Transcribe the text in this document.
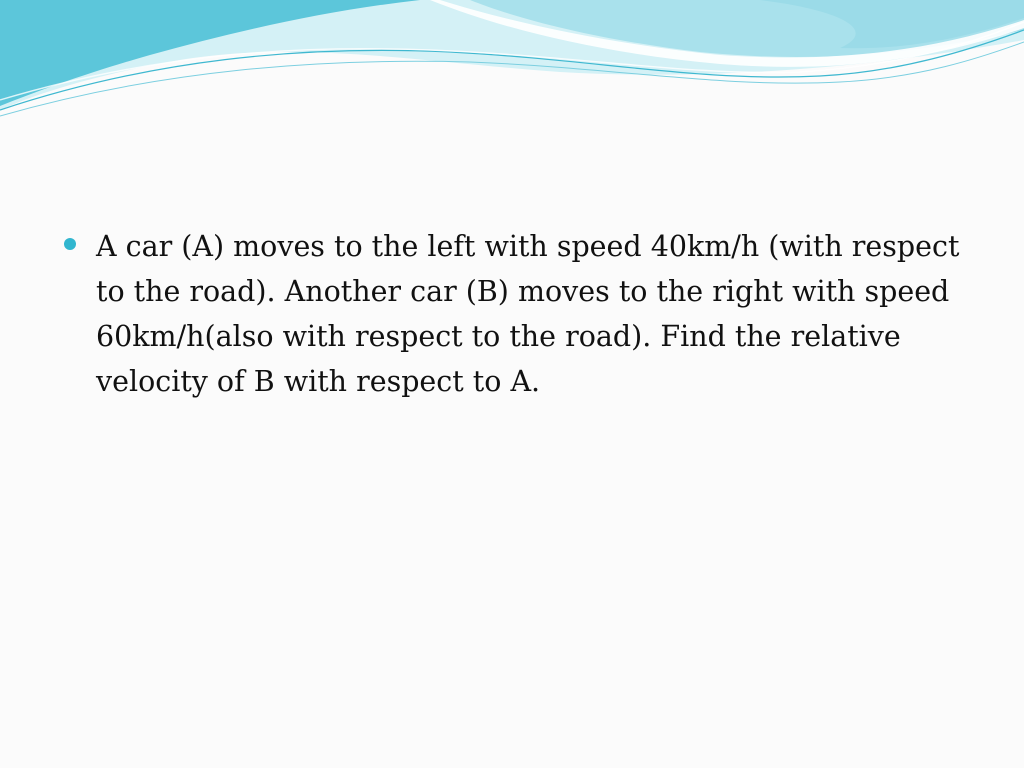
A car (A) moves to the left with speed 40km/h (with respect to the road). Another car (B) moves to the right with speed 60km/h(also with respect to the road). Find the relative velocity of B with respect to A.
